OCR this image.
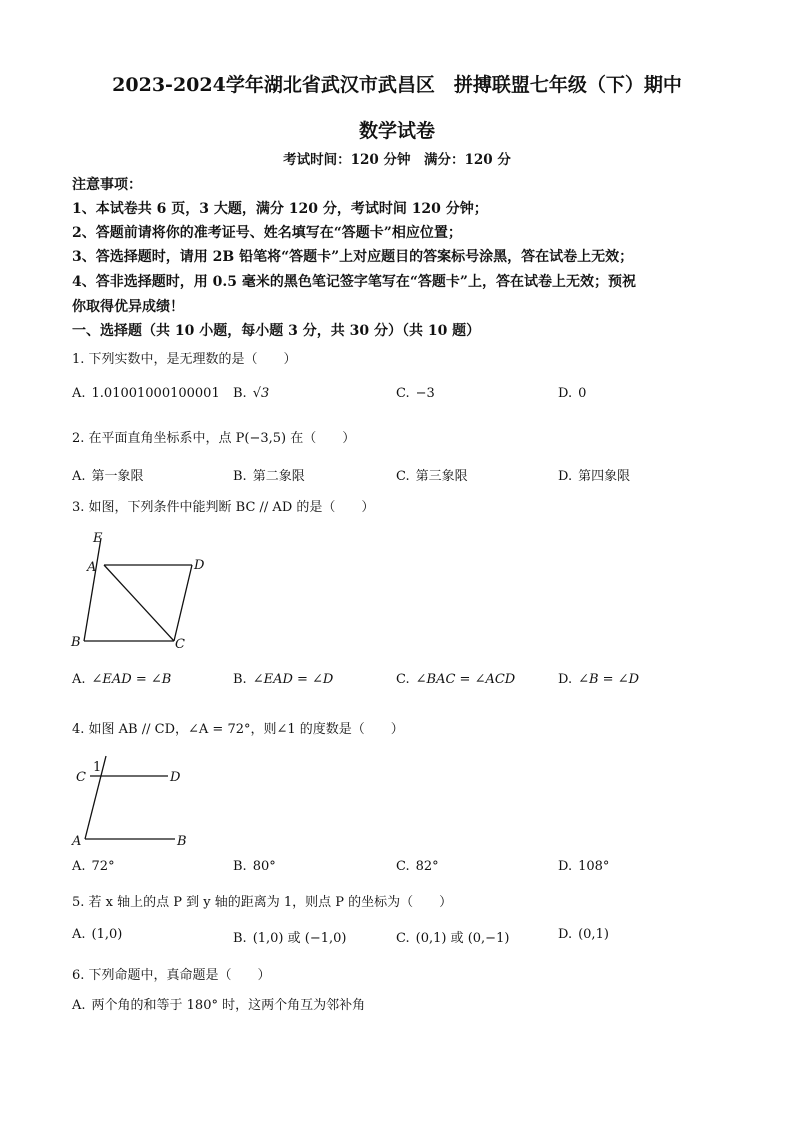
2023-2024学年湖北省武汉市武昌区　拼搏联盟七年级（下）期中
数学试卷
考试时间：120 分钟　满分：120 分
注意事项：
1、本试卷共 6 页，3 大题，满分 120 分，考试时间 120 分钟；
2、答题前请将你的准考证号、姓名填写在“答题卡”相应位置；
3、答选择题时，请用 2B 铅笔将“答题卡”上对应题目的答案标号涂黑，答在试卷上无效；
4、答非选择题时，用 0.5 毫米的黑色笔记签字笔写在“答题卡”上，答在试卷上无效；预祝
你取得优异成绩！
一、选择题（共 10 小题，每小题 3 分，共 30 分）（共 10 题）
1. 下列实数中，是无理数的是（　　）
A. 1.01001000100001 B. √3	C. −3	D. 0
2. 在平面直角坐标系中，点 P(−3,5) 在（　　）
A. 第一象限	B. 第二象限	C. 第三象限	D. 第四象限
3. 如图，下列条件中能判断 BC // AD 的是（　　）
E
A	D
B	C
A. ∠EAD = ∠B	B. ∠EAD = ∠D	C. ∠BAC = ∠ACD	D. ∠B = ∠D
4. 如图 AB // CD，∠A = 72°，则∠1 的度数是（　　）
C
1
D
A	B
A. 72°	B. 80°	C. 82°	D. 108°
5. 若 x 轴上的点 P 到 y 轴的距离为 1，则点 P 的坐标为（　　）
A. (1,0)	B. (1,0) 或 (−1,0)	C. (0,1) 或 (0,−1)	D. (0,1)
6. 下列命题中，真命题是（　　）
A. 两个角的和等于 180° 时，这两个角互为邻补角
